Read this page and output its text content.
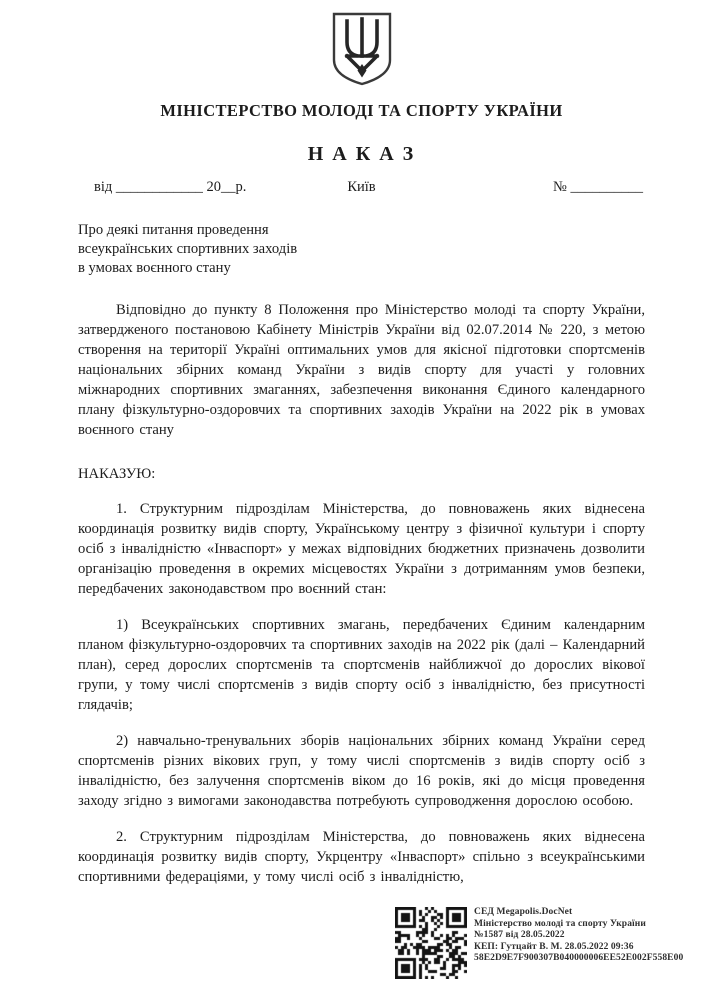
МІНІСТЕРСТВО МОЛОДІ ТА СПОРТУ УКРАЇНИ
Н А К А З
від ____________ 20__р.	Київ	№ __________
Про деякі питання проведення
всеукраїнських спортивних заходів
в умовах воєнного стану
Відповідно до пункту 8 Положення про Міністерство молоді та спорту України, затвердженого постановою Кабінету Міністрів України від 02.07.2014 № 220, з метою створення на території Україні оптимальних умов для якісної підготовки спортсменів національних збірних команд України з видів спорту для участі у головних міжнародних спортивних змаганнях, забезпечення виконання Єдиного календарного плану фізкультурно-оздоровчих та спортивних заходів України на 2022 рік в умовах воєнного стану
НАКАЗУЮ:
1. Структурним підрозділам Міністерства, до повноважень яких віднесена координація розвитку видів спорту, Українському центру з фізичної культури і спорту осіб з інвалідністю «Інваспорт» у межах відповідних бюджетних призначень дозволити організацію проведення в окремих місцевостях України з дотриманням умов безпеки, передбачених законодавством про воєнний стан:
1) Всеукраїнських спортивних змагань, передбачених Єдиним календарним планом фізкультурно-оздоровчих та спортивних заходів на 2022 рік (далі – Календарний план), серед дорослих спортсменів та спортсменів найближчої до дорослих вікової групи, у тому числі спортсменів з видів спорту осіб з інвалідністю, без присутності глядачів;
2) навчально-тренувальних зборів національних збірних команд України серед спортсменів різних вікових груп, у тому числі спортсменів з видів спорту осіб з інвалідністю, без залучення спортсменів віком до 16 років, які до місця проведення заходу згідно з вимогами законодавства потребують супроводження дорослою особою.
2. Структурним підрозділам Міністерства, до повноважень яких віднесена координація розвитку видів спорту, Укрцентру «Інваспорт» спільно з всеукраїнськими спортивними федераціями, у тому числі осіб з інвалідністю,
СЕД Megapolis.DocNet
Міністерство молоді та спорту України
№1587 від 28.05.2022
КЕП: Гутцайт В. М. 28.05.2022 09:36
58E2D9E7F900307B040000006EE52E002F558E00
